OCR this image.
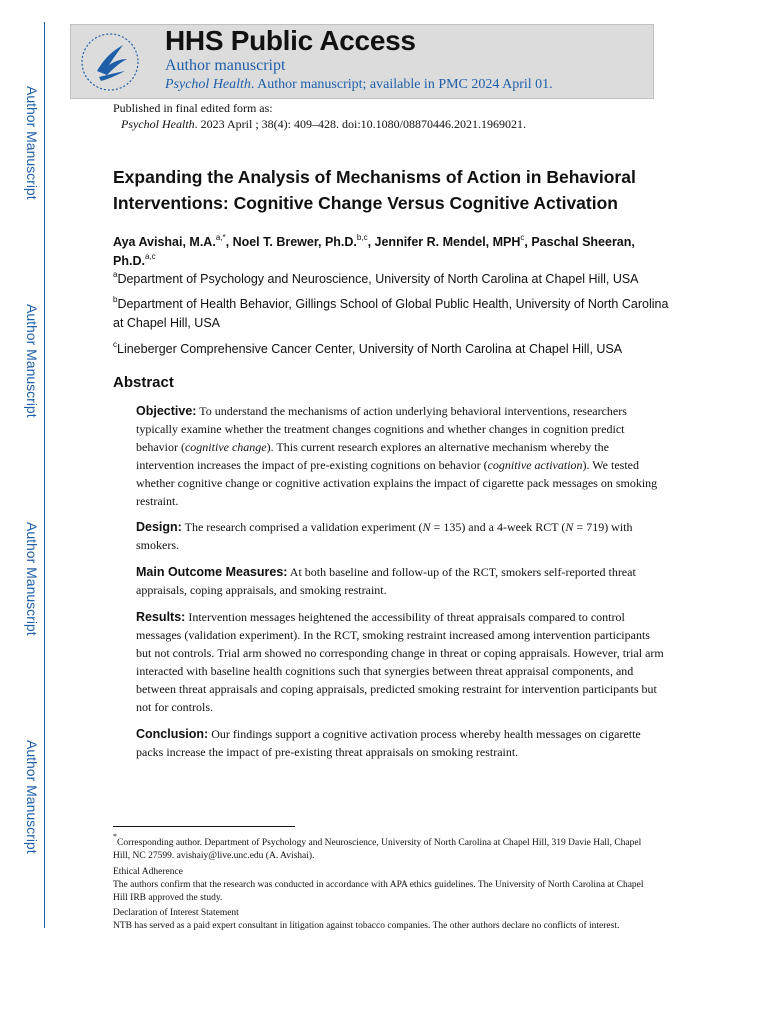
Author Manuscript
Author Manuscript
Author Manuscript
Author Manuscript
HHS Public Access
Author manuscript
Psychol Health. Author manuscript; available in PMC 2024 April 01.
Published in final edited form as:
Psychol Health. 2023 April ; 38(4): 409–428. doi:10.1080/08870446.2021.1969021.
Expanding the Analysis of Mechanisms of Action in Behavioral Interventions: Cognitive Change Versus Cognitive Activation
Aya Avishai, M.A.$^{a,*}$, Noel T. Brewer, Ph.D.$^{b,c}$, Jennifer R. Mendel, MPH$^c$, Paschal Sheeran, Ph.D.$^{a,c}$
$^a$Department of Psychology and Neuroscience, University of North Carolina at Chapel Hill, USA
$^b$Department of Health Behavior, Gillings School of Global Public Health, University of North Carolina at Chapel Hill, USA
$^c$Lineberger Comprehensive Cancer Center, University of North Carolina at Chapel Hill, USA
Abstract
Objective: To understand the mechanisms of action underlying behavioral interventions, researchers typically examine whether the treatment changes cognitions and whether changes in cognition predict behavior (cognitive change). This current research explores an alternative mechanism whereby the intervention increases the impact of pre-existing cognitions on behavior (cognitive activation). We tested whether cognitive change or cognitive activation explains the impact of cigarette pack messages on smoking restraint.
Design: The research comprised a validation experiment (N = 135) and a 4-week RCT (N = 719) with smokers.
Main Outcome Measures: At both baseline and follow-up of the RCT, smokers self-reported threat appraisals, coping appraisals, and smoking restraint.
Results: Intervention messages heightened the accessibility of threat appraisals compared to control messages (validation experiment). In the RCT, smoking restraint increased among intervention participants but not controls. Trial arm showed no corresponding change in threat or coping appraisals. However, trial arm interacted with baseline health cognitions such that synergies between threat appraisal components, and between threat appraisals and coping appraisals, predicted smoking restraint for intervention participants but not for controls.
Conclusion: Our findings support a cognitive activation process whereby health messages on cigarette packs increase the impact of pre-existing threat appraisals on smoking restraint.
*Corresponding author. Department of Psychology and Neuroscience, University of North Carolina at Chapel Hill, 319 Davie Hall, Chapel Hill, NC 27599. avishaiy@live.unc.edu (A. Avishai).
Ethical Adherence
The authors confirm that the research was conducted in accordance with APA ethics guidelines. The University of North Carolina at Chapel Hill IRB approved the study.
Declaration of Interest Statement
NTB has served as a paid expert consultant in litigation against tobacco companies. The other authors declare no conflicts of interest.
